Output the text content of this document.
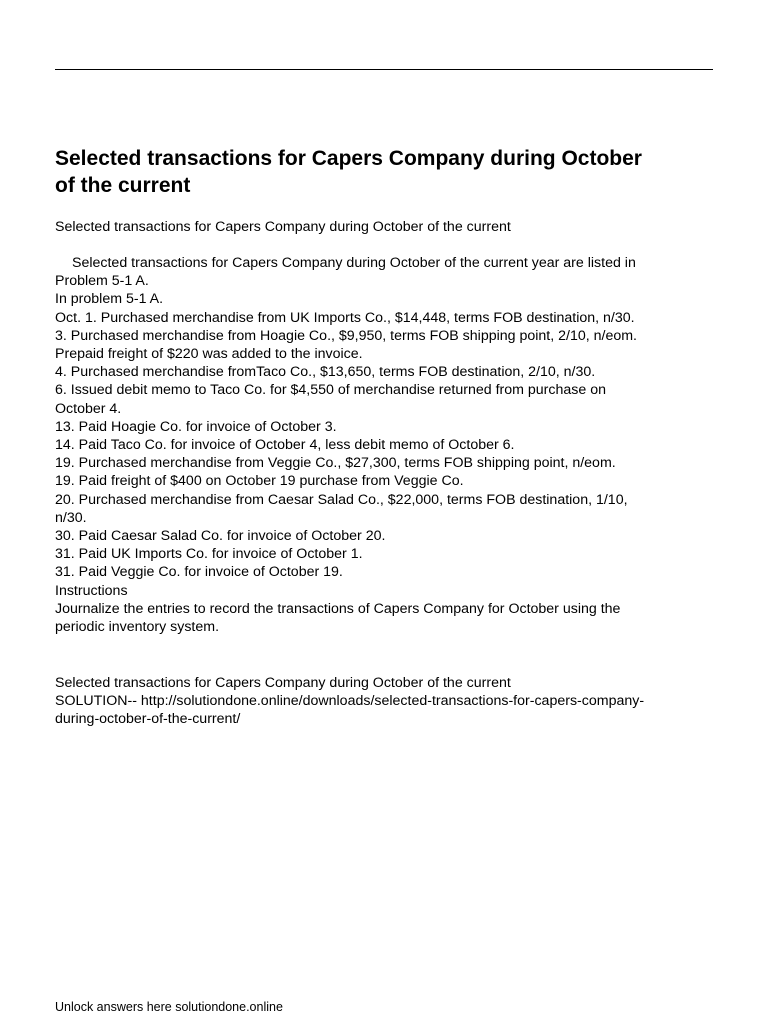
Selected transactions for Capers Company during October
of the current

Selected transactions for Capers Company during October of the current

Selected transactions for Capers Company during October of the current year are listed in
Problem 5-1 A.
In problem 5-1 A.
Oct. 1. Purchased merchandise from UK Imports Co., $14,448, terms FOB destination, n/30.
3. Purchased merchandise from Hoagie Co., $9,950, terms FOB shipping point, 2/10, n/eom.
Prepaid freight of $220 was added to the invoice.
4. Purchased merchandise fromTaco Co., $13,650, terms FOB destination, 2/10, n/30.
6. Issued debit memo to Taco Co. for $4,550 of merchandise returned from purchase on
October 4.
13. Paid Hoagie Co. for invoice of October 3.
14. Paid Taco Co. for invoice of October 4, less debit memo of October 6.
19. Purchased merchandise from Veggie Co., $27,300, terms FOB shipping point, n/eom.
19. Paid freight of $400 on October 19 purchase from Veggie Co.
20. Purchased merchandise from Caesar Salad Co., $22,000, terms FOB destination, 1/10,
n/30.
30. Paid Caesar Salad Co. for invoice of October 20.
31. Paid UK Imports Co. for invoice of October 1.
31. Paid Veggie Co. for invoice of October 19.
Instructions
Journalize the entries to record the transactions of Capers Company for October using the
periodic inventory system.
Selected transactions for Capers Company during October of the current
SOLUTION-- http://solutiondone.online/downloads/selected-transactions-for-capers-company-
during-october-of-the-current/

Unlock answers here solutiondone.online
